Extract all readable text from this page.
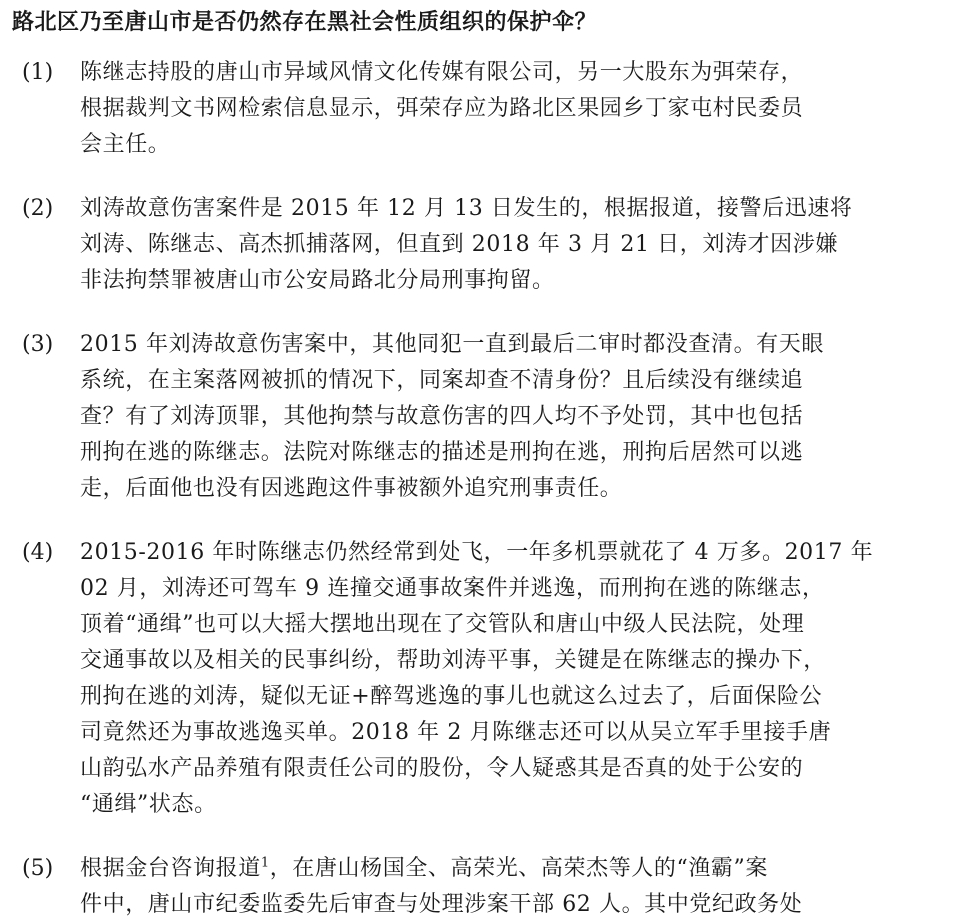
路北区乃至唐山市是否仍然存在黑社会性质组织的保护伞？
(1)	陈继志持股的唐山市异域风情文化传媒有限公司，另一大股东为弭荣存，
根据裁判文书网检索信息显示，弭荣存应为路北区果园乡丁家屯村民委员
会主任。
(2)	刘涛故意伤害案件是 2015 年 12 月 13 日发生的，根据报道，接警后迅速将
刘涛、陈继志、高杰抓捕落网，但直到 2018 年 3 月 21 日，刘涛才因涉嫌
非法拘禁罪被唐山市公安局路北分局刑事拘留。
(3)	2015 年刘涛故意伤害案中，其他同犯一直到最后二审时都没查清。有天眼
系统，在主案落网被抓的情况下，同案却查不清身份？且后续没有继续追
查？有了刘涛顶罪，其他拘禁与故意伤害的四人均不予处罚，其中也包括
刑拘在逃的陈继志。法院对陈继志的描述是刑拘在逃，刑拘后居然可以逃
走，后面他也没有因逃跑这件事被额外追究刑事责任。
(4)	2015-2016 年时陈继志仍然经常到处飞，一年多机票就花了 4 万多。2017 年
02 月，刘涛还可驾车 9 连撞交通事故案件并逃逸，而刑拘在逃的陈继志，
顶着“通缉”也可以大摇大摆地出现在了交管队和唐山中级人民法院，处理
交通事故以及相关的民事纠纷，帮助刘涛平事，关键是在陈继志的操办下，
刑拘在逃的刘涛，疑似无证+醉驾逃逸的事儿也就这么过去了，后面保险公
司竟然还为事故逃逸买单。2018 年 2 月陈继志还可以从吴立军手里接手唐
山韵弘水产品养殖有限责任公司的股份，令人疑惑其是否真的处于公安的
“通缉”状态。
(5)	根据金台咨询报道$^1$，在唐山杨国全、高荣光、高荣杰等人的“渔霸”案
件中，唐山市纪委监委先后审查与处理涉案干部 62 人。其中党纪政务处
